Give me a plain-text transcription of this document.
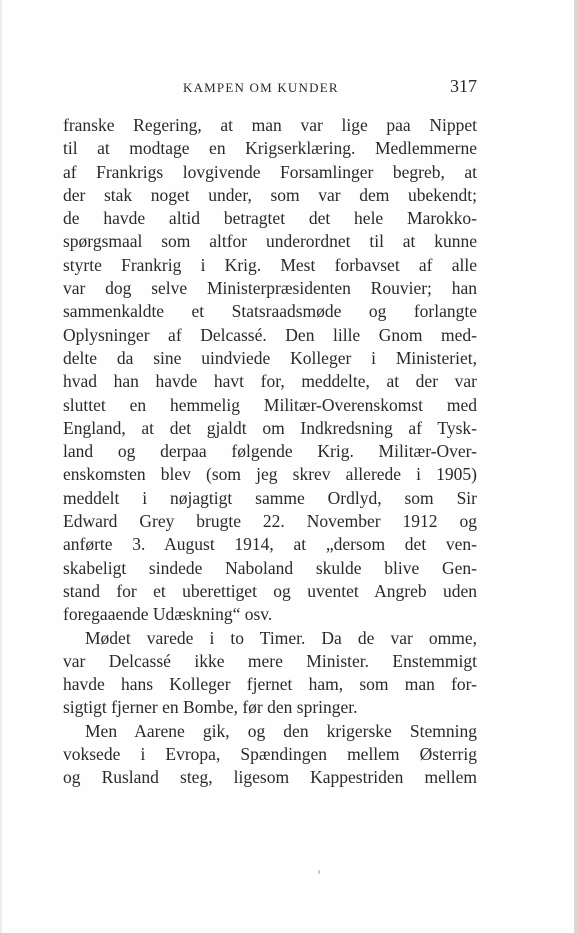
KAMPEN OM KUNDER	317
franske Regering, at man var lige paa Nippet
til at modtage en Krigserklæring. Medlemmerne
af Frankrigs lovgivende Forsamlinger begreb, at
der stak noget under, som var dem ubekendt;
de havde altid betragtet det hele Marokko-
spørgsmaal som altfor underordnet til at kunne
styrte Frankrig i Krig. Mest forbavset af alle
var dog selve Ministerpræsidenten Rouvier; han
sammenkaldte et Statsraadsmøde og forlangte
Oplysninger af Delcassé. Den lille Gnom med-
delte da sine uindviede Kolleger i Ministeriet,
hvad han havde havt for, meddelte, at der var
sluttet en hemmelig Militær-Overenskomst med
England, at det gjaldt om Indkredsning af Tysk-
land og derpaa følgende Krig. Militær-Over-
enskomsten blev (som jeg skrev allerede i 1905)
meddelt i nøjagtigt samme Ordlyd, som Sir
Edward Grey brugte 22. November 1912 og
anførte 3. August 1914, at „dersom det ven-
skabeligt sindede Naboland skulde blive Gen-
stand for et uberettiget og uventet Angreb uden
foregaaende Udæskning“ osv.
Mødet varede i to Timer. Da de var omme,
var Delcassé ikke mere Minister. Enstemmigt
havde hans Kolleger fjernet ham, som man for-
sigtigt fjerner en Bombe, før den springer.
Men Aarene gik, og den krigerske Stemning
voksede i Evropa, Spændingen mellem Østerrig
og Rusland steg, ligesom Kappestriden mellem
